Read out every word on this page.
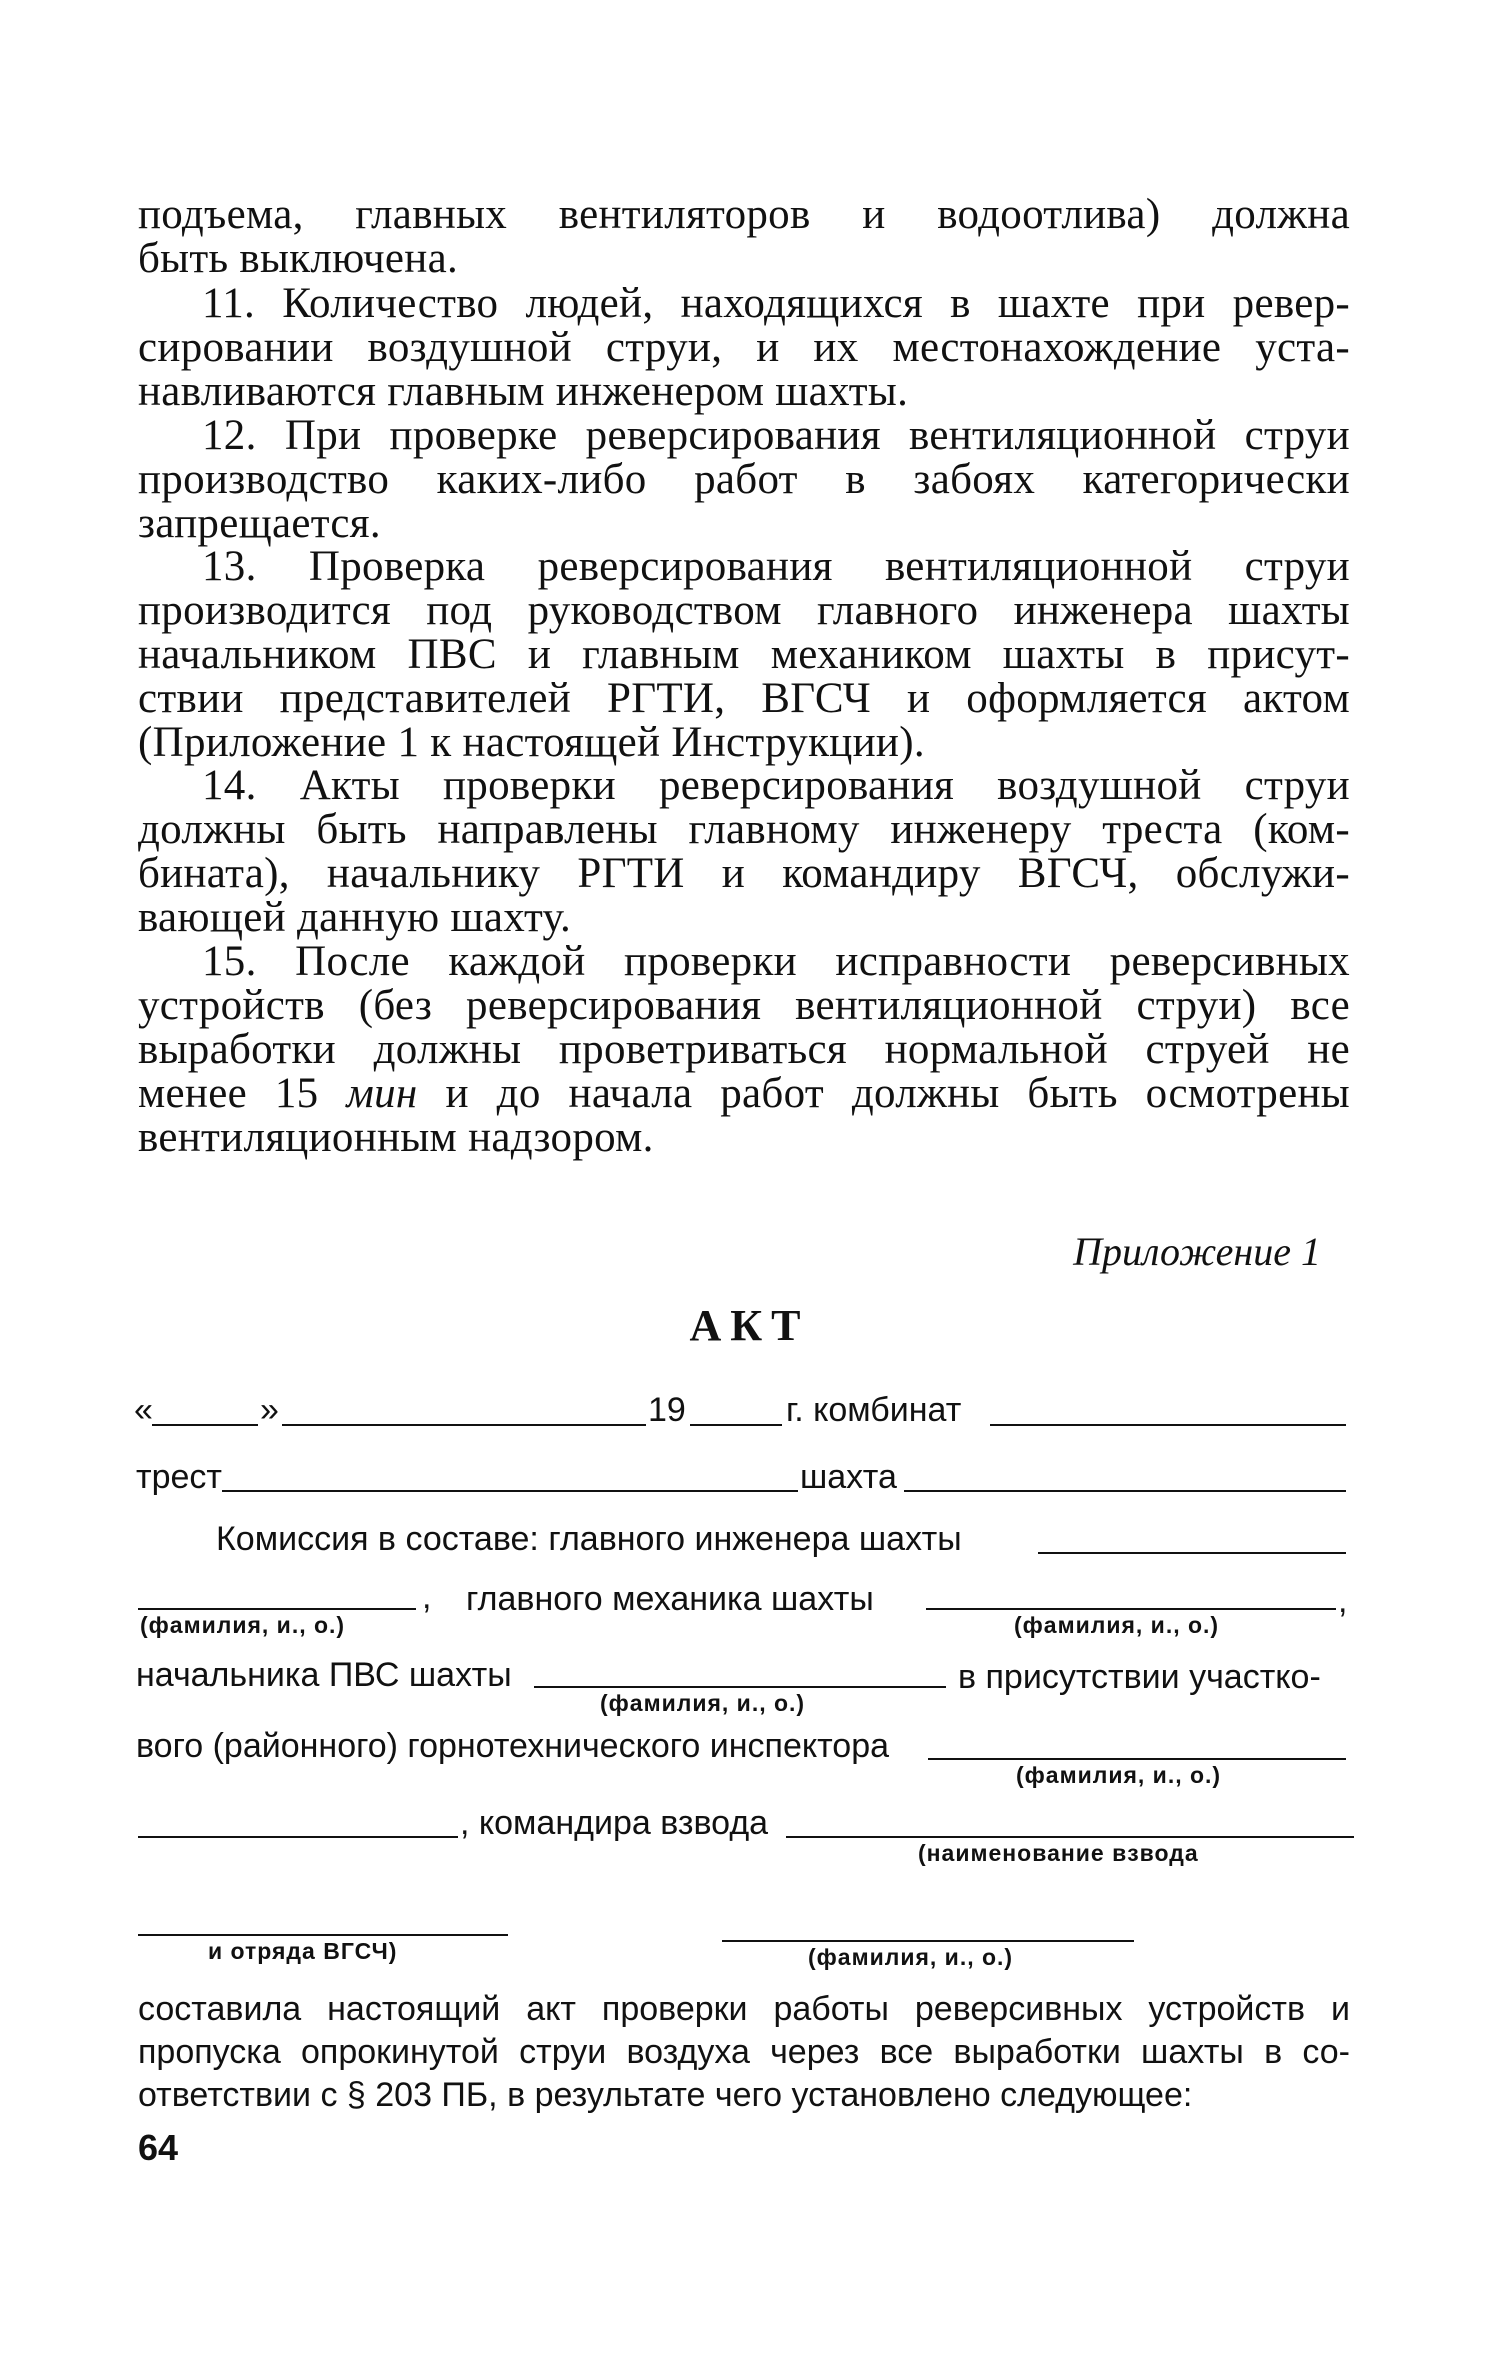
подъема, главных вентиляторов и водоотлива) должна
быть выключена.
11. Количество людей, находящихся в шахте при ревер-
сировании воздушной струи, и их местонахождение уста-
навливаются главным инженером шахты.
12. При проверке реверсирования вентиляционной струи
производство каких-либо работ в забоях категорически
запрещается.
13. Проверка реверсирования вентиляционной струи
производится под руководством главного инженера шахты
начальником ПВС и главным механиком шахты в присут-
ствии представителей РГТИ, ВГСЧ и оформляется актом
(Приложение 1 к настоящей Инструкции).
14. Акты проверки реверсирования воздушной струи
должны быть направлены главному инженеру треста (ком-
бината), начальнику РГТИ и командиру ВГСЧ, обслужи-
вающей данную шахту.
15. После каждой проверки исправности реверсивных
устройств (без реверсирования вентиляционной струи) все
выработки должны проветриваться нормальной струей не
менее 15 мин и до начала работ должны быть осмотрены
вентиляционным надзором.
Приложение 1
АКТ
«	»	19	г. комбинат
трест	шахта
Комиссия в составе: главного инженера шахты
,
(фамилия, и., о.)
главного механика шахты	,
(фамилия, и., о.)
начальника ПВС шахты
(фамилия, и., о.)
в присутствии участко-
вого (районного) горнотехнического инспектора
(фамилия, и., о.)
, командира взвода
(наименование взвода
и отряда ВГСЧ)	(фамилия, и., о.)
составила настоящий акт проверки работы реверсивных устройств и
пропуска опрокинутой струи воздуха через все выработки шахты в со-
ответствии с § 203 ПБ, в результате чего установлено следующее:
64
